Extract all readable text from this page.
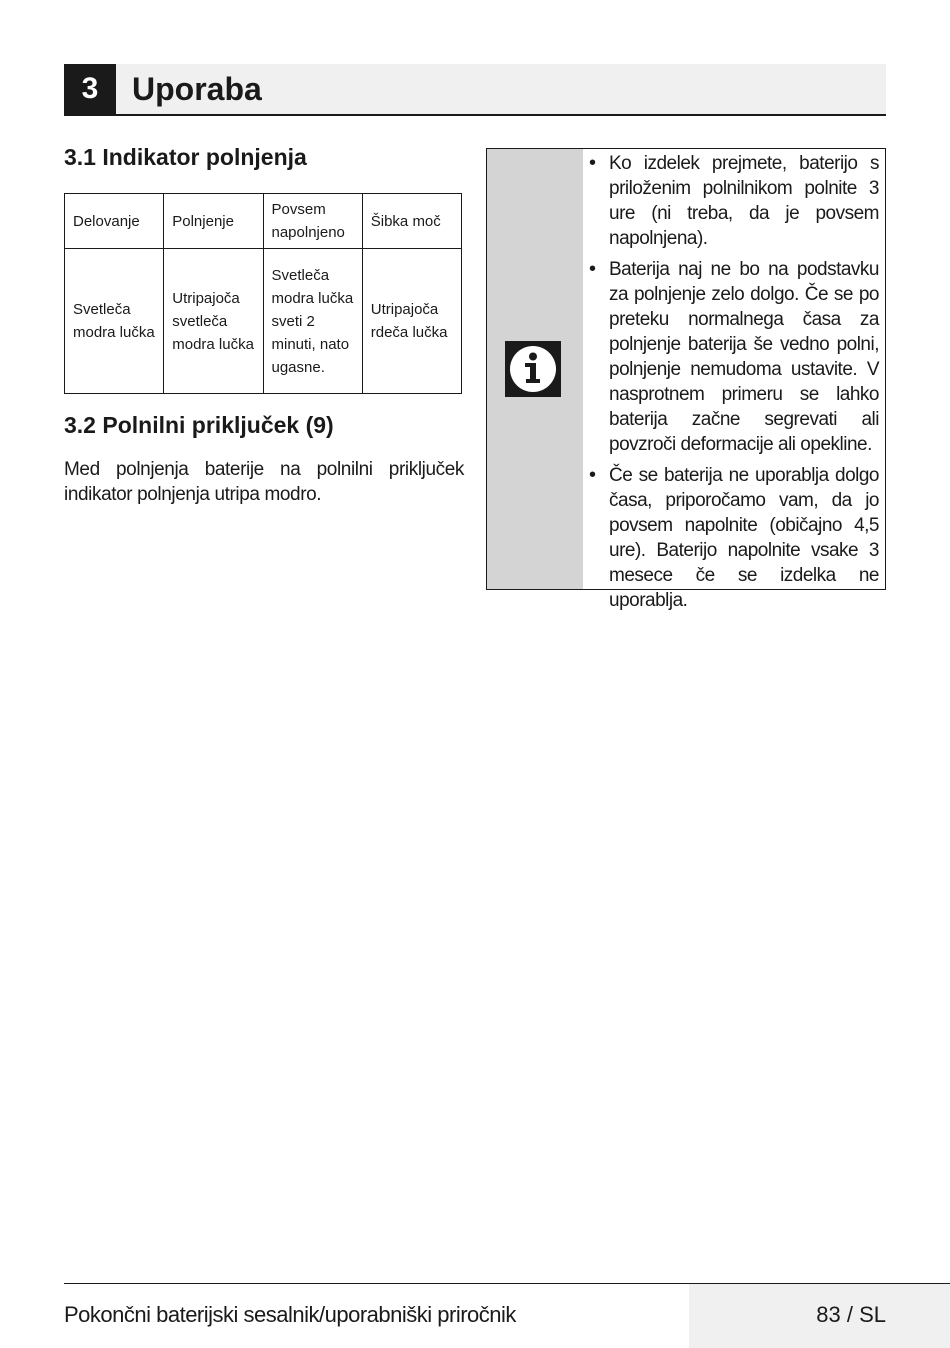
3	Uporaba
3.1 Indikator polnjenja
Delovanje	Polnjenje	Povsem napolnjeno	Šibka moč
Svetleča modra lučka	Utripajoča svetleča modra lučka	Svetleča modra lučka sveti 2 minuti, nato ugasne.	Utripajoča rdeča lučka
3.2 Polnilni priključek (9)

Med polnjenja baterije na polnilni priključek indikator polnjenja utripa modro.

• Ko izdelek prejmete, baterijo s priloženim polnilnikom polnite 3 ure (ni treba, da je povsem napolnjena).
• Baterija naj ne bo na podstavku za polnjenje zelo dolgo. Če se po preteku normalnega časa za polnjenje baterija še vedno polni, polnjenje nemudoma ustavite. V nasprotnem primeru se lahko baterija začne segrevati ali povzroči deformacije ali opekline.
• Če se baterija ne uporablja dolgo časa, priporočamo vam, da jo povsem napolnite (običajno 4,5 ure). Baterijo napolnite vsake 3 mesece če se izdelka ne uporablja.
Pokončni baterijski sesalnik/uporabniški priročnik	83 / SL
